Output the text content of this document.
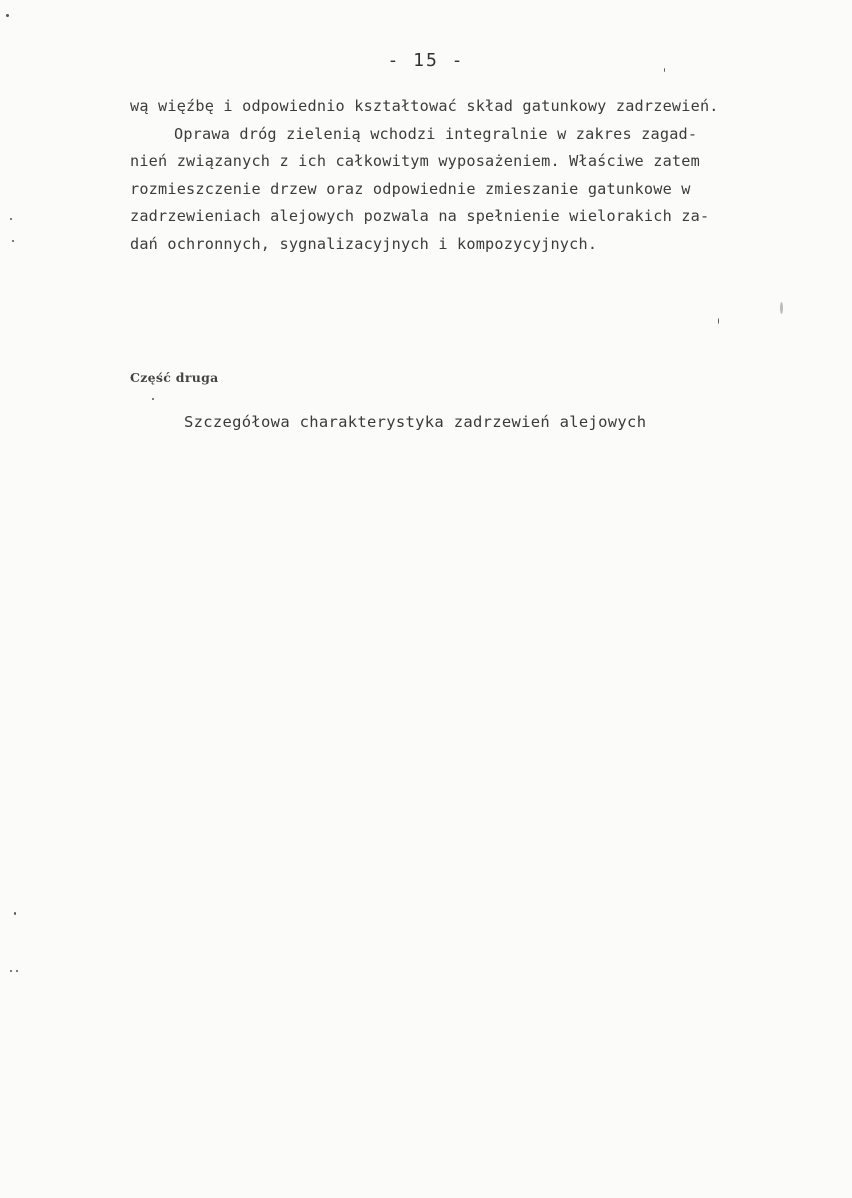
- 15 -
wą więźbę i odpowiednio kształtować skład gatunkowy zadrzewień.
Oprawa dróg zielenią wchodzi integralnie w zakres zagad-
nień związanych z ich całkowitym wyposażeniem. Właściwe zatem
rozmieszczenie drzew oraz odpowiednie zmieszanie gatunkowe w
zadrzewieniach alejowych pozwala na spełnienie wielorakich za-
dań ochronnych, sygnalizacyjnych i kompozycyjnych.
Część druga
Szczegółowa charakterystyka zadrzewień alejowych
